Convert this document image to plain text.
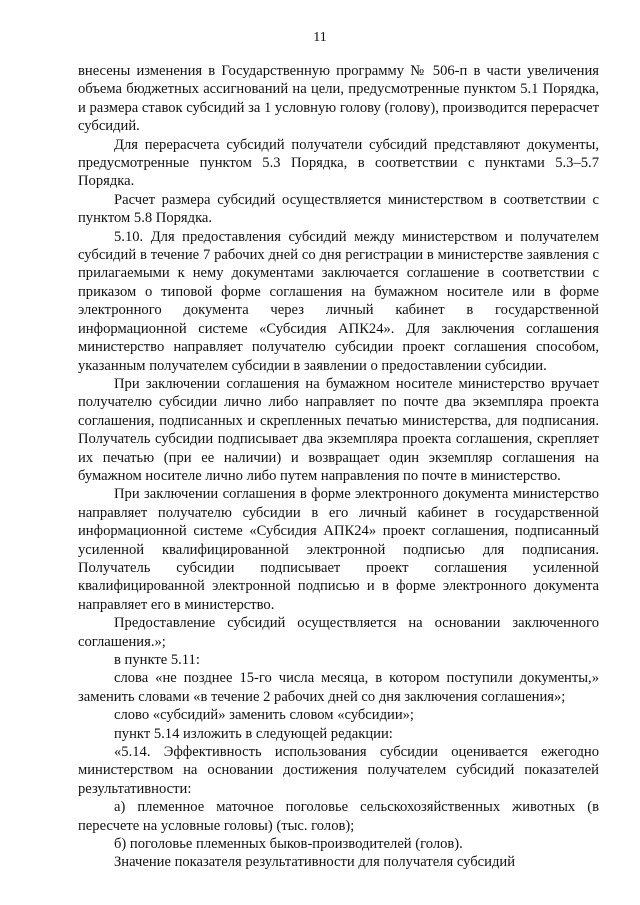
11

внесены изменения в Государственную программу № 506-п в части увеличения объема бюджетных ассигнований на цели, предусмотренные пунктом 5.1 Порядка, и размера ставок субсидий за 1 условную голову (голову), производится перерасчет субсидий.

Для перерасчета субсидий получатели субсидий представляют документы, предусмотренные пунктом 5.3 Порядка, в соответствии с пунктами 5.3–5.7 Порядка.

Расчет размера субсидий осуществляется министерством в соответствии с пунктом 5.8 Порядка.

5.10. Для предоставления субсидий между министерством и получателем субсидий в течение 7 рабочих дней со дня регистрации в министерстве заявления с прилагаемыми к нему документами заключается соглашение в соответствии с приказом о типовой форме соглашения на бумажном носителе или в форме электронного документа через личный кабинет в государственной информационной системе «Субсидия АПК24». Для заключения соглашения министерство направляет получателю субсидии проект соглашения способом, указанным получателем субсидии в заявлении о предоставлении субсидии.

При заключении соглашения на бумажном носителе министерство вручает получателю субсидии лично либо направляет по почте два экземпляра проекта соглашения, подписанных и скрепленных печатью министерства, для подписания. Получатель субсидии подписывает два экземпляра проекта соглашения, скрепляет их печатью (при ее наличии) и возвращает один экземпляр соглашения на бумажном носителе лично либо путем направления по почте в министерство.

При заключении соглашения в форме электронного документа министерство направляет получателю субсидии в его личный кабинет в государственной информационной системе «Субсидия АПК24» проект соглашения, подписанный усиленной квалифицированной электронной подписью для подписания. Получатель субсидии подписывает проект соглашения усиленной квалифицированной электронной подписью и в форме электронного документа направляет его в министерство.

Предоставление субсидий осуществляется на основании заключенного соглашения.»;

в пункте 5.11:

слова «не позднее 15-го числа месяца, в котором поступили документы,» заменить словами «в течение 2 рабочих дней со дня заключения соглашения»;

слово «субсидий» заменить словом «субсидии»;

пункт 5.14 изложить в следующей редакции:

«5.14. Эффективность использования субсидии оценивается ежегодно министерством на основании достижения получателем субсидий показателей результативности:

а) племенное маточное поголовье сельскохозяйственных животных (в пересчете на условные головы) (тыс. голов);

б) поголовье племенных быков-производителей (голов).

Значение показателя результативности для получателя субсидий
